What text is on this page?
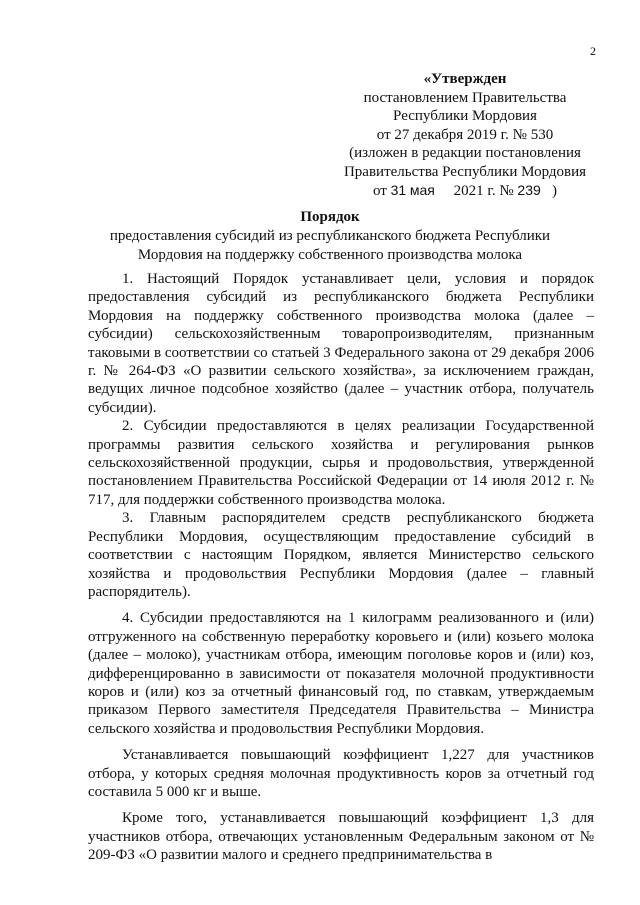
2
«Утвержден
постановлением Правительства
Республики Мордовия
от 27 декабря 2019 г. № 530
(изложен в редакции постановления
Правительства Республики Мордовия
от 31 мая 2021 г. № 239 )
Порядок
предоставления субсидий из республиканского бюджета Республики
Мордовия на поддержку собственного производства молока

1. Настоящий Порядок устанавливает цели, условия и порядок предоставления субсидий из республиканского бюджета Республики Мордовия на поддержку собственного производства молока (далее – субсидии) сельскохозяйственным товаропроизводителям, признанным таковыми в соответствии со статьей 3 Федерального закона от 29 декабря 2006 г. № 264-ФЗ «О развитии сельского хозяйства», за исключением граждан, ведущих личное подсобное хозяйство (далее – участник отбора, получатель субсидии).

2. Субсидии предоставляются в целях реализации Государственной программы развития сельского хозяйства и регулирования рынков сельскохозяйственной продукции, сырья и продовольствия, утвержденной постановлением Правительства Российской Федерации от 14 июля 2012 г. № 717, для поддержки собственного производства молока.

3. Главным распорядителем средств республиканского бюджета Республики Мордовия, осуществляющим предоставление субсидий в соответствии с настоящим Порядком, является Министерство сельского хозяйства и продовольствия Республики Мордовия (далее – главный распорядитель).

4. Субсидии предоставляются на 1 килограмм реализованного и (или) отгруженного на собственную переработку коровьего и (или) козьего молока (далее – молоко), участникам отбора, имеющим поголовье коров и (или) коз, дифференцированно в зависимости от показателя молочной продуктивности коров и (или) коз за отчетный финансовый год, по ставкам, утверждаемым приказом Первого заместителя Председателя Правительства – Министра сельского хозяйства и продовольствия Республики Мордовия.

Устанавливается повышающий коэффициент 1,227 для участников отбора, у которых средняя молочная продуктивность коров за отчетный год составила 5 000 кг и выше.

Кроме того, устанавливается повышающий коэффициент 1,3 для участников отбора, отвечающих установленным Федеральным законом от № 209-ФЗ «О развитии малого и среднего предпринимательства в
